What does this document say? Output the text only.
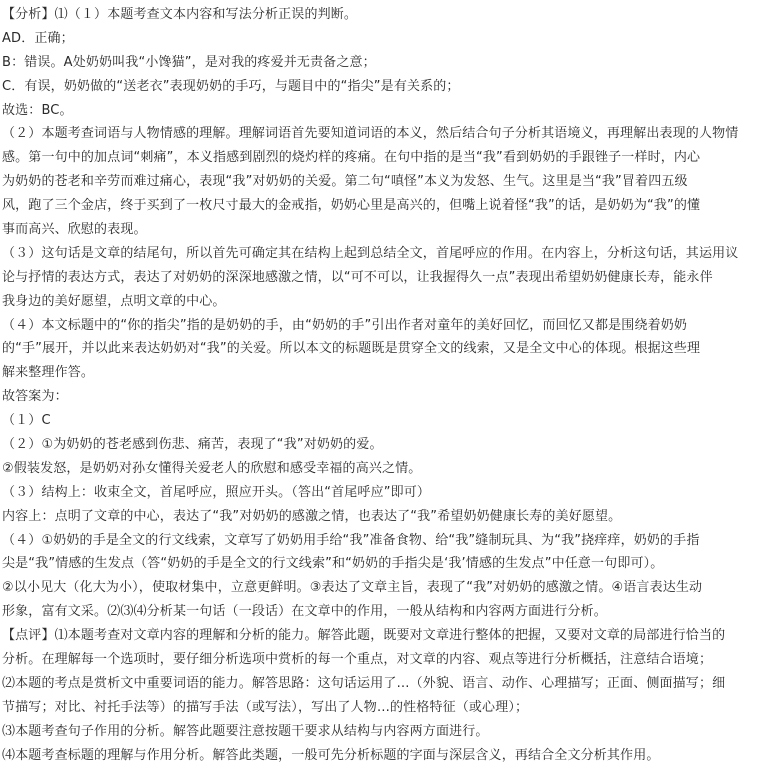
【分析】⑴（１）本题考查文本内容和写法分析正误的判断。
AD．正确；
B：错误。A处奶奶叫我“小馋猫”，是对我的疼爱并无责备之意；
C．有误，奶奶做的“送老衣”表现奶奶的手巧，与题目中的“指尖”是有关系的；
故选：BC。
（２）本题考查词语与人物情感的理解。理解词语首先要知道词语的本义，然后结合句子分析其语境义，再理解出表现的人物情
感。第一句中的加点词“刺痛”，本义指感到剧烈的烧灼样的疼痛。在句中指的是当“我”看到奶奶的手跟锉子一样时，内心
为奶奶的苍老和辛劳而难过痛心，表现“我”对奶奶的关爱。第二句“嗔怪”本义为发怒、生气。这里是当“我”冒着四五级
风，跑了三个金店，终于买到了一枚尺寸最大的金戒指，奶奶心里是高兴的，但嘴上说着怪“我”的话，是奶奶为“我”的懂
事而高兴、欣慰的表现。
（３）这句话是文章的结尾句，所以首先可确定其在结构上起到总结全文，首尾呼应的作用。在内容上，分析这句话，其运用议
论与抒情的表达方式，表达了对奶奶的深深地感激之情，以“可不可以，让我握得久一点”表现出希望奶奶健康长寿，能永伴
我身边的美好愿望，点明文章的中心。
（４）本文标题中的“你的指尖”指的是奶奶的手，由“奶奶的手”引出作者对童年的美好回忆，而回忆又都是围绕着奶奶
的“手”展开，并以此来表达奶奶对“我”的关爱。所以本文的标题既是贯穿全文的线索，又是全文中心的体现。根据这些理
解来整理作答。
故答案为：
（１）C
（２）①为奶奶的苍老感到伤悲、痛苦，表现了“我”对奶奶的爱。
②假装发怒，是奶奶对孙女懂得关爱老人的欣慰和感受幸福的高兴之情。
（３）结构上：收束全文，首尾呼应，照应开头。（答出“首尾呼应”即可）
内容上：点明了文章的中心，表达了“我”对奶奶的感激之情，也表达了“我”希望奶奶健康长寿的美好愿望。
（４）①奶奶的手是全文的行文线索，文章写了奶奶用手给“我”准备食物、给“我”缝制玩具、为“我”挠痒痒，奶奶的手指
尖是“我”情感的生发点（答“奶奶的手是全文的行文线索”和“奶奶的手指尖是‘我’情感的生发点”中任意一句即可）。
②以小见大（化大为小），使取材集中，立意更鲜明。③表达了文章主旨，表现了“我”对奶奶的感激之情。④语言表达生动
形象，富有文采。⑵⑶⑷分析某一句话（一段话）在文章中的作用，一般从结构和内容两方面进行分析。
【点评】⑴本题考查对文章内容的理解和分析的能力。解答此题，既要对文章进行整体的把握，又要对文章的局部进行恰当的
分析。在理解每一个选项时，要仔细分析选项中赏析的每一个重点，对文章的内容、观点等进行分析概括，注意结合语境；
⑵本题的考点是赏析文中重要词语的能力。解答思路：这句话运用了…（外貌、语言、动作、心理描写；正面、侧面描写；细
节描写；对比、衬托手法等）的描写手法（或写法），写出了人物…的性格特征（或心理）；
⑶本题考查句子作用的分析。解答此题要注意按题干要求从结构与内容两方面进行。
⑷本题考查标题的理解与作用分析。解答此类题，一般可先分析标题的字面与深层含义，再结合全文分析其作用。
